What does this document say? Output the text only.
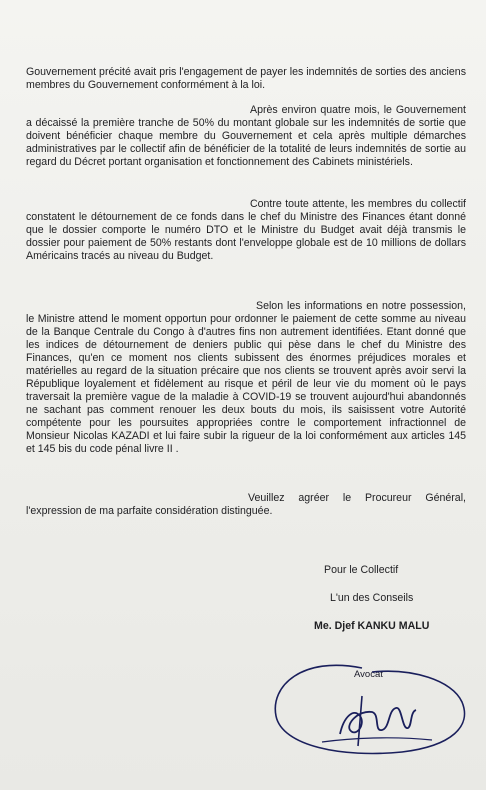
Gouvernement précité avait pris l'engagement de payer les indemnités de sorties des anciens membres du Gouvernement conformément à la loi.

Après environ quatre mois, le Gouvernement a décaissé la première tranche de 50% du montant globale sur les indemnités de sortie que doivent bénéficier chaque membre du Gouvernement et cela après multiple démarches administratives par le collectif afin de bénéficier de la totalité de leurs indemnités de sortie au regard du Décret portant organisation et fonctionnement des Cabinets ministériels.

Contre toute attente, les membres du collectif constatent le détournement de ce fonds dans le chef du Ministre des Finances étant donné que le dossier comporte le numéro DTO et le Ministre du Budget avait déjà transmis le dossier pour paiement de 50% restants dont l'enveloppe globale est de 10 millions de dollars Américains tracés au niveau du Budget.

Selon les informations en notre possession, le Ministre attend le moment opportun pour ordonner le paiement de cette somme au niveau de la Banque Centrale du Congo à d'autres fins non autrement identifiées. Etant donné que les indices de détournement de deniers public qui pèse dans le chef du Ministre des Finances, qu'en ce moment nos clients subissent des énormes préjudices morales et matérielles au regard de la situation précaire que nos clients se trouvent après avoir servi la République loyalement et fidèlement au risque et péril de leur vie du moment où le pays traversait la première vague de la maladie à COVID-19 se trouvent aujourd'hui abandonnés ne sachant pas comment renouer les deux bouts du mois, ils saisissent votre Autorité compétente pour les poursuites appropriées contre le comportement infractionnel de Monsieur Nicolas KAZADI et lui faire subir la rigueur de la loi conformément aux articles 145 et 145 bis du code pénal livre II .

Veuillez agréer le Procureur Général, l'expression de ma parfaite considération distinguée.

Pour le Collectif
L'un des Conseils
Me. Djef KANKU MALU
Avocat
